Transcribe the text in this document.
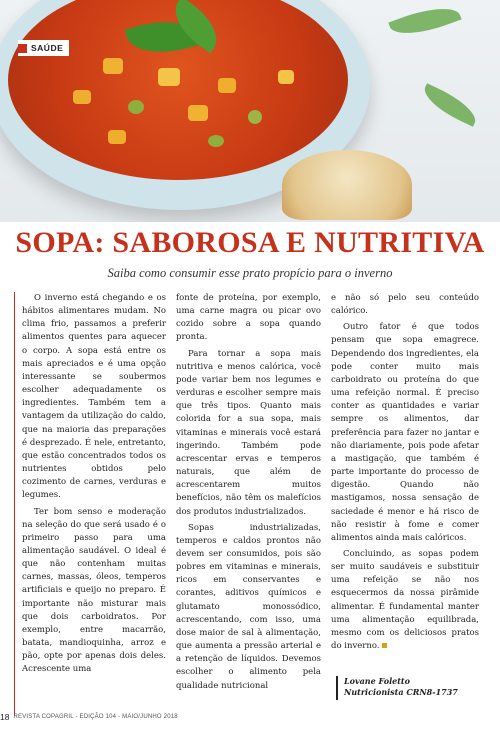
SAÚDE
SOPA: SABOROSA E NUTRITIVA
Saiba como consumir esse prato propício para o inverno

O inverno está chegando e os hábitos alimentares mudam. No clima frio, passamos a preferir alimentos quentes para aquecer o corpo. A sopa está entre os mais apreciados e é uma opção interessante se soubermos escolher adequadamente os ingredientes. Também tem a vantagem da utilização do caldo, que na maioria das preparações é desprezado. É nele, entretanto, que estão concentrados todos os nutrientes obtidos pelo cozimento de carnes, verduras e legumes.

Ter bom senso e moderação na seleção do que será usado é o primeiro passo para uma alimentação saudável. O ideal é que não contenham muitas carnes, massas, óleos, temperos artificiais e queijo no preparo. É importante não misturar mais que dois carboidratos. Por exemplo, entre macarrão, batata, mandioquinha, arroz e pão, opte por apenas dois deles. Acrescente uma

fonte de proteína, por exemplo, uma carne magra ou picar ovo cozido sobre a sopa quando pronta.

Para tornar a sopa mais nutritiva e menos calórica, você pode variar bem nos legumes e verduras e escolher sempre mais que três tipos. Quanto mais colorida for a sua sopa, mais vitaminas e minerais você estará ingerindo. Também pode acrescentar ervas e temperos naturais, que além de acrescentarem muitos benefícios, não têm os malefícios dos produtos industrializados.

Sopas industrializadas, temperos e caldos prontos não devem ser consumidos, pois são pobres em vitaminas e minerais, ricos em conservantes e corantes, aditivos químicos e glutamato monossódico, acrescentando, com isso, uma dose maior de sal à alimentação, que aumenta a pressão arterial e a retenção de líquidos. Devemos escolher o alimento pela qualidade nutricional

e não só pelo seu conteúdo calórico.

Outro fator é que todos pensam que sopa emagrece. Dependendo dos ingredientes, ela pode conter muito mais carboidrato ou proteína do que uma refeição normal. É preciso conter as quantidades e variar sempre os alimentos, dar preferência para fazer no jantar e não diariamente, pois pode afetar a mastigação, que também é parte importante do processo de digestão. Quando não mastigamos, nossa sensação de saciedade é menor e há risco de não resistir à fome e comer alimentos ainda mais calóricos.

Concluindo, as sopas podem ser muito saudáveis e substituir uma refeição se não nos esquecermos da nossa pirâmide alimentar. É fundamental manter uma alimentação equilibrada, mesmo com os deliciosos pratos do inverno.

Lovane Foletto
Nutricionista CRN8-1737
18 REVISTA COPAGRIL - EDIÇÃO 104 - MAIO/JUNHO 2018
